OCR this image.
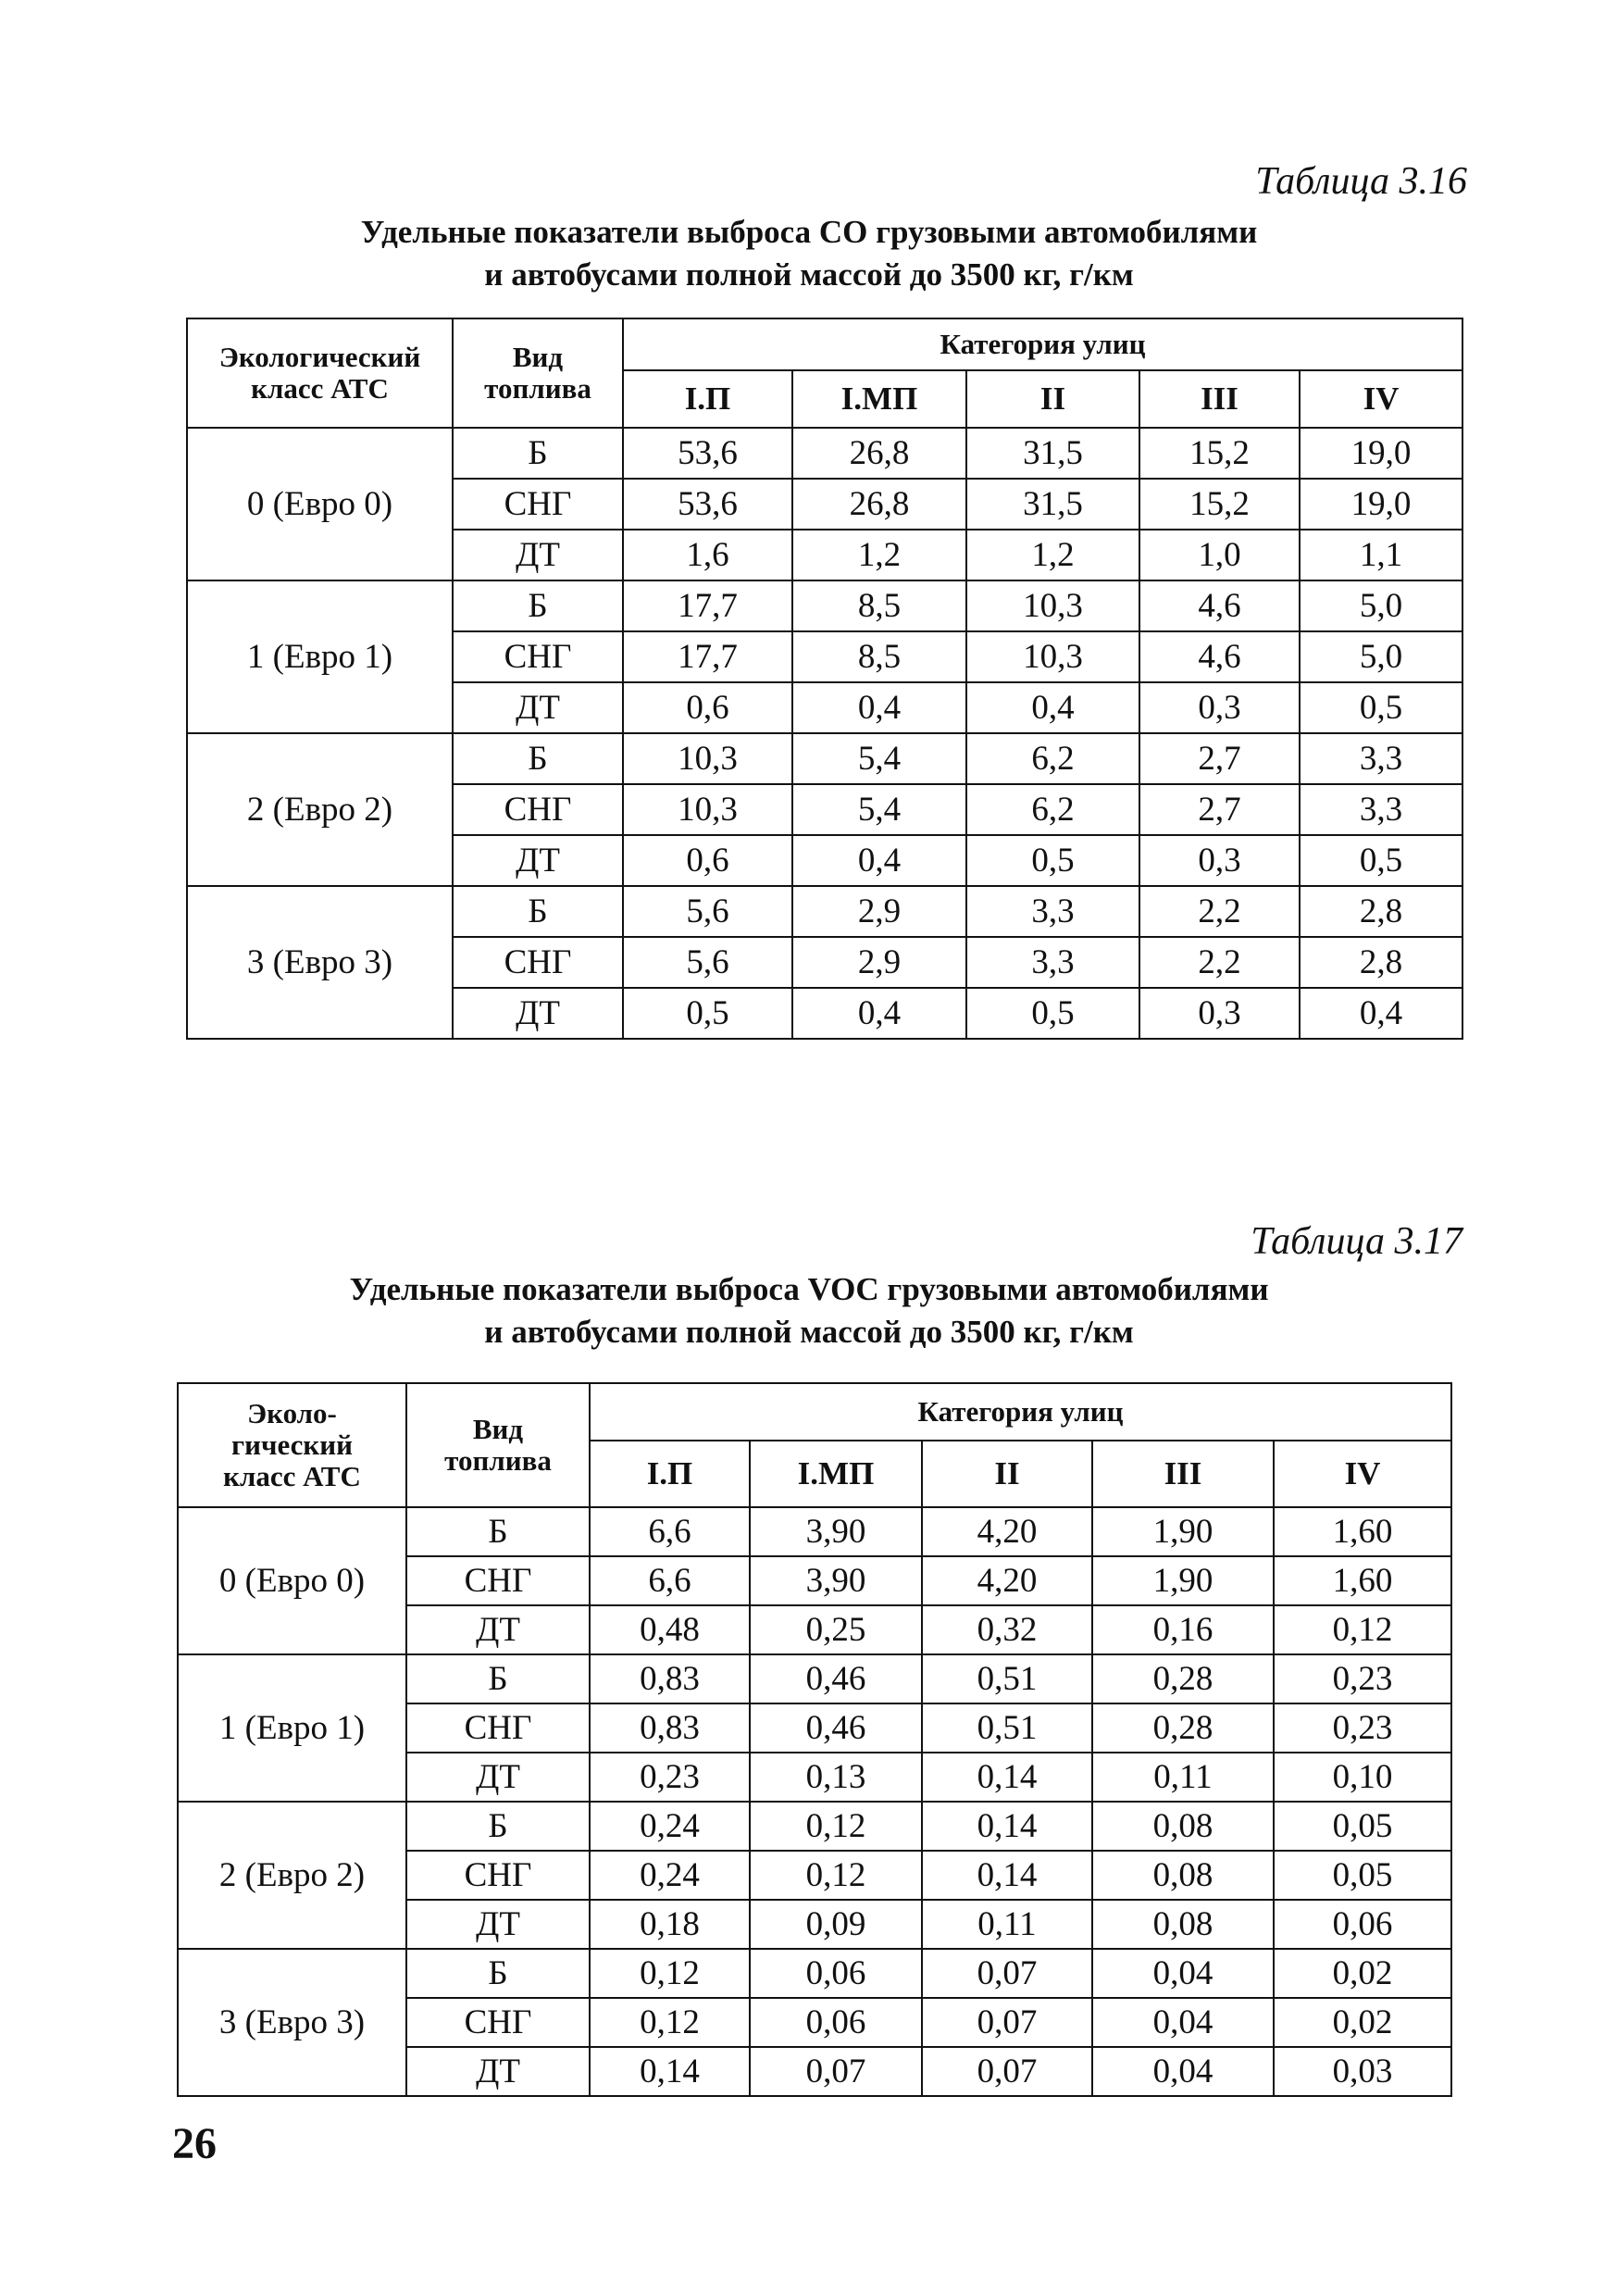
Таблица 3.16
Удельные показатели выброса СО грузовыми автомобилями
и автобусами полной массой до 3500 кг, г/км
Экологический
класс АТС	Вид
топлива	Категория улиц				
		I.П	I.МП	II	III	IV
0 (Евро 0)	Б	53,6	26,8	31,5	15,2	19,0
	СНГ	53,6	26,8	31,5	15,2	19,0
	ДТ	1,6	1,2	1,2	1,0	1,1
1 (Евро 1)	Б	17,7	8,5	10,3	4,6	5,0
	СНГ	17,7	8,5	10,3	4,6	5,0
	ДТ	0,6	0,4	0,4	0,3	0,5
2 (Евро 2)	Б	10,3	5,4	6,2	2,7	3,3
	СНГ	10,3	5,4	6,2	2,7	3,3
	ДТ	0,6	0,4	0,5	0,3	0,5
3 (Евро 3)	Б	5,6	2,9	3,3	2,2	2,8
	СНГ	5,6	2,9	3,3	2,2	2,8
	ДТ	0,5	0,4	0,5	0,3	0,4
Таблица 3.17
Удельные показатели выброса VOC грузовыми автомобилями
и автобусами полной массой до 3500 кг, г/км
Эколо-
гический
класс АТС	Вид
топлива	Категория улиц				
		I.П	I.МП	II	III	IV
0 (Евро 0)	Б	6,6	3,90	4,20	1,90	1,60
	СНГ	6,6	3,90	4,20	1,90	1,60
	ДТ	0,48	0,25	0,32	0,16	0,12
1 (Евро 1)	Б	0,83	0,46	0,51	0,28	0,23
	СНГ	0,83	0,46	0,51	0,28	0,23
	ДТ	0,23	0,13	0,14	0,11	0,10
2 (Евро 2)	Б	0,24	0,12	0,14	0,08	0,05
	СНГ	0,24	0,12	0,14	0,08	0,05
	ДТ	0,18	0,09	0,11	0,08	0,06
3 (Евро 3)	Б	0,12	0,06	0,07	0,04	0,02
	СНГ	0,12	0,06	0,07	0,04	0,02
	ДТ	0,14	0,07	0,07	0,04	0,03
26
